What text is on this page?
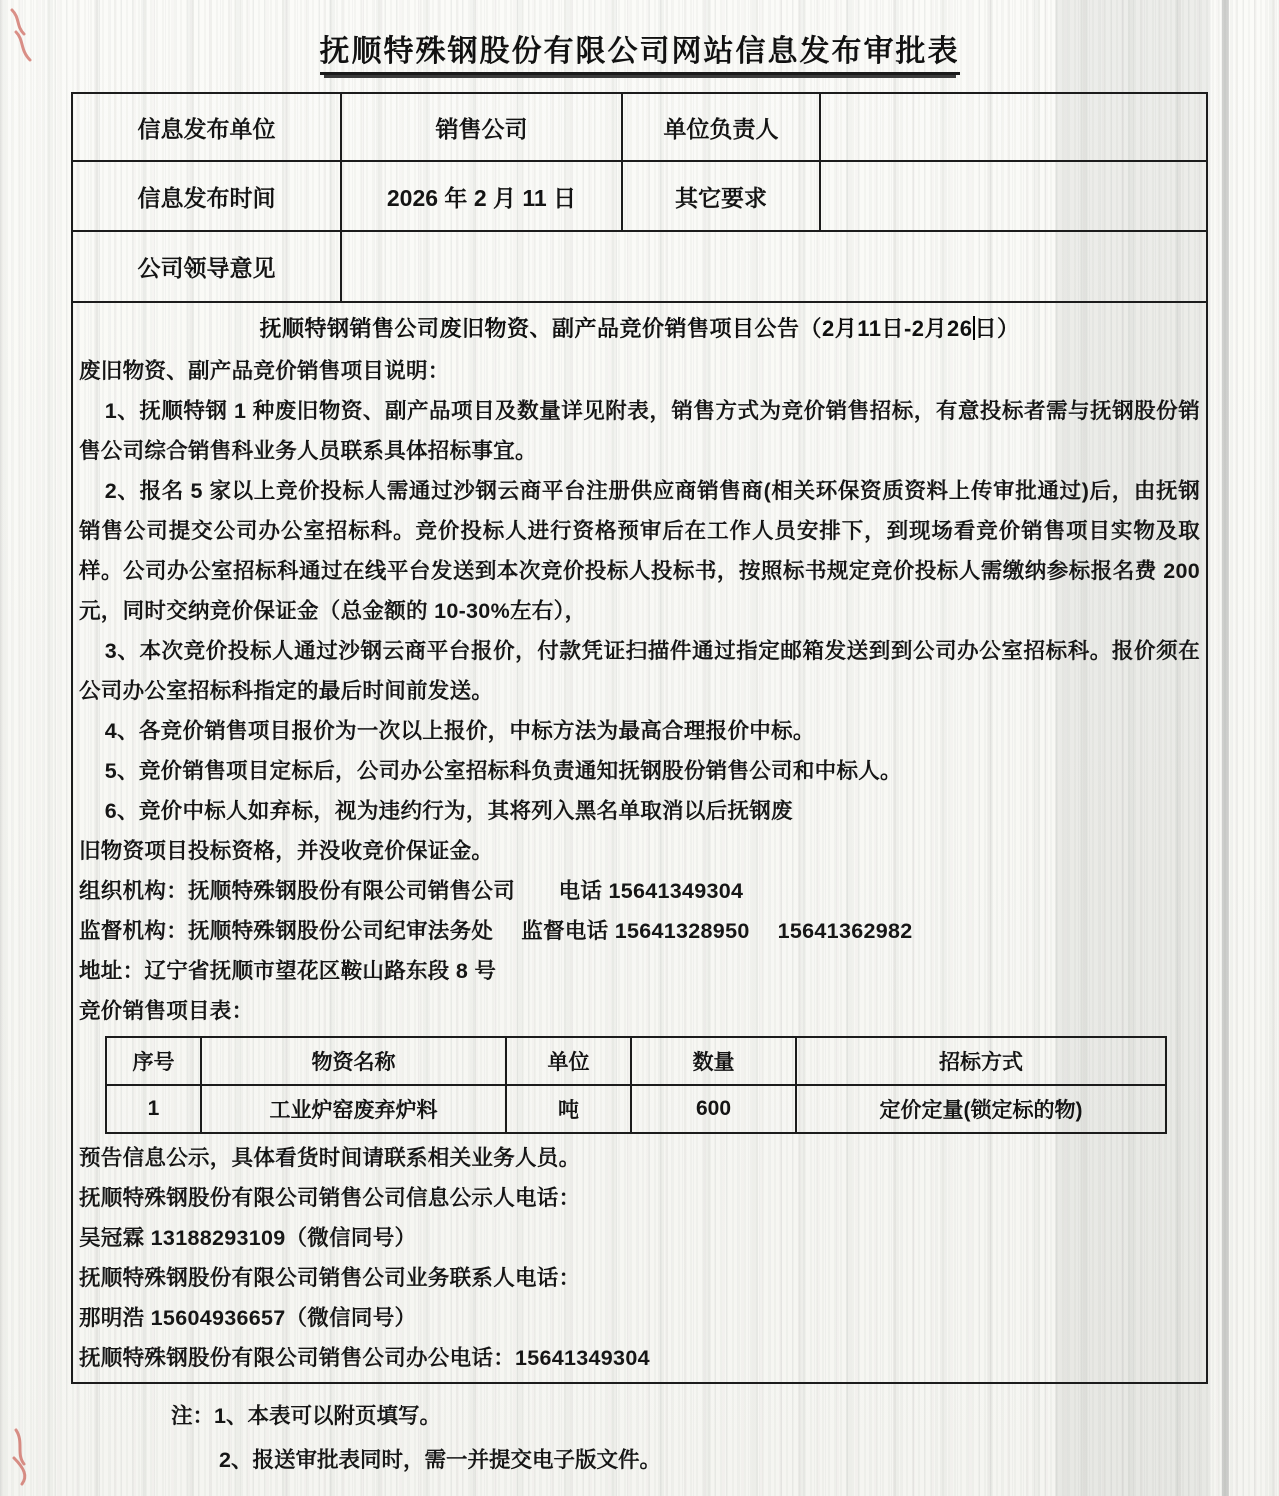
抚顺特殊钢股份有限公司网站信息发布审批表
信息发布单位	销售公司	单位负责人	
信息发布时间	2026 年 2 月 11 日	其它要求	
公司领导意见	

抚顺特钢销售公司废旧物资、副产品竞价销售项目公告（2月11日-2月26日）
废旧物资、副产品竞价销售项目说明：

1、抚顺特钢 1 种废旧物资、副产品项目及数量详见附表，销售方式为竞价销售招标，有意投标者需与抚钢股份销售公司综合销售科业务人员联系具体招标事宜。

2、报名 5 家以上竞价投标人需通过沙钢云商平台注册供应商销售商(相关环保资质资料上传审批通过)后，由抚钢销售公司提交公司办公室招标科。竞价投标人进行资格预审后在工作人员安排下，到现场看竞价销售项目实物及取样。公司办公室招标科通过在线平台发送到本次竞价投标人投标书，按照标书规定竞价投标人需缴纳参标报名费 200 元，同时交纳竞价保证金（总金额的 10-30%左右），

3、本次竞价投标人通过沙钢云商平台报价，付款凭证扫描件通过指定邮箱发送到到公司办公室招标科。报价须在公司办公室招标科指定的最后时间前发送。

4、各竞价销售项目报价为一次以上报价，中标方法为最高合理报价中标。

5、竞价销售项目定标后，公司办公室招标科负责通知抚钢股份销售公司和中标人。

6、竞价中标人如弃标，视为违约行为，其将列入黑名单取消以后抚钢废

旧物资项目投标资格，并没收竞价保证金。

组织机构：抚顺特殊钢股份有限公司销售公司　　电话 15641349304
监督机构：抚顺特殊钢股份公司纪审法务处　 监督电话 15641328950　 15641362982
地址：辽宁省抚顺市望花区鞍山路东段 8 号
竞价销售项目表：
序号	物资名称	单位	数量	招标方式
1	工业炉窑废弃炉料	吨	600	定价定量(锁定标的物)
预告信息公示，具体看货时间请联系相关业务人员。
抚顺特殊钢股份有限公司销售公司信息公示人电话：
吴冠霖 13188293109（微信同号）
抚顺特殊钢股份有限公司销售公司业务联系人电话：
那明浩 15604936657（微信同号）
抚顺特殊钢股份有限公司销售公司办公电话：15641349304
注：1、本表可以附页填写。
2、报送审批表同时，需一并提交电子版文件。
